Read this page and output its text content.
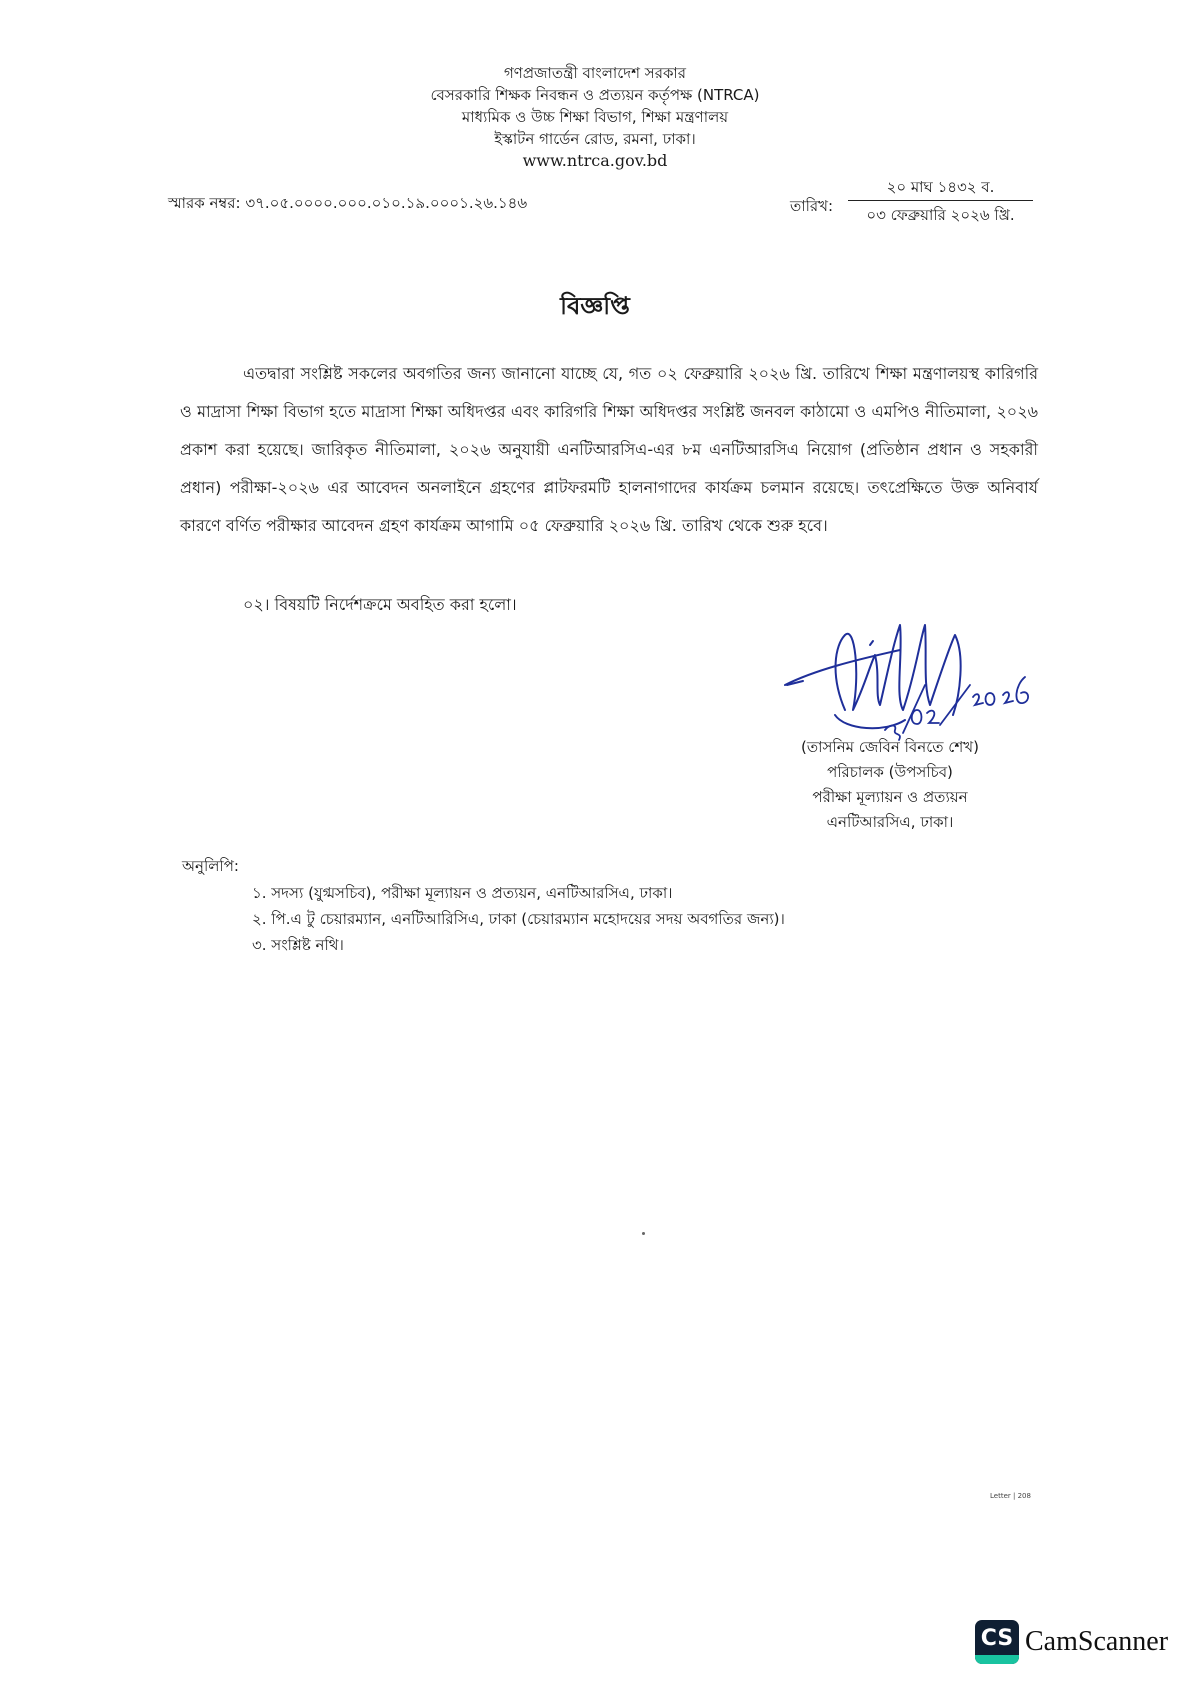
গণপ্রজাতন্ত্রী বাংলাদেশ সরকার
বেসরকারি শিক্ষক নিবন্ধন ও প্রত্যয়ন কর্তৃপক্ষ (NTRCA)
মাধ্যমিক ও উচ্চ শিক্ষা বিভাগ, শিক্ষা মন্ত্রণালয়
ইস্কাটন গার্ডেন রোড, রমনা, ঢাকা।
www.ntrca.gov.bd
স্মারক নম্বর: ৩৭.০৫.০০০০.০০০.০১০.১৯.০০০১.২৬.১৪৬	তারিখ:
২০ মাঘ ১৪৩২ ব.
০৩ ফেব্রুয়ারি ২০২৬ খ্রি.
বিজ্ঞপ্তি

এতদ্বারা সংশ্লিষ্ট সকলের অবগতির জন্য জানানো যাচ্ছে যে, গত ০২ ফেব্রুয়ারি ২০২৬ খ্রি. তারিখে শিক্ষা মন্ত্রণালয়স্থ কারিগরি ও মাদ্রাসা শিক্ষা বিভাগ হতে মাদ্রাসা শিক্ষা অধিদপ্তর এবং কারিগরি শিক্ষা অধিদপ্তর সংশ্লিষ্ট জনবল কাঠামো ও এমপিও নীতিমালা, ২০২৬ প্রকাশ করা হয়েছে। জারিকৃত নীতিমালা, ২০২৬ অনুযায়ী এনটিআরসিএ-এর ৮ম এনটিআরসিএ নিয়োগ (প্রতিষ্ঠান প্রধান ও সহকারী প্রধান) পরীক্ষা-২০২৬ এর আবেদন অনলাইনে গ্রহণের প্লাটফরমটি হালনাগাদের কার্যক্রম চলমান রয়েছে। তৎপ্রেক্ষিতে উক্ত অনিবার্য কারণে বর্ণিত পরীক্ষার আবেদন গ্রহণ কার্যক্রম আগামি ০৫ ফেব্রুয়ারি ২০২৬ খ্রি. তারিখ থেকে শুরু হবে।

০২। বিষয়টি নির্দেশক্রমে অবহিত করা হলো।
(তাসনিম জেবিন বিনতে শেখ)
পরিচালক (উপসচিব)
পরীক্ষা মূল্যায়ন ও প্রত্যয়ন
এনটিআরসিএ, ঢাকা।
অনুলিপি:
১. সদস্য (যুগ্মসচিব), পরীক্ষা মূল্যায়ন ও প্রত্যয়ন, এনটিআরসিএ, ঢাকা।
২. পি.এ টু চেয়ারম্যান, এনটিআরিসিএ, ঢাকা (চেয়ারম্যান মহোদয়ের সদয় অবগতির জন্য)।
৩. সংশ্লিষ্ট নথি।
Letter | 208
CS CamScanner
